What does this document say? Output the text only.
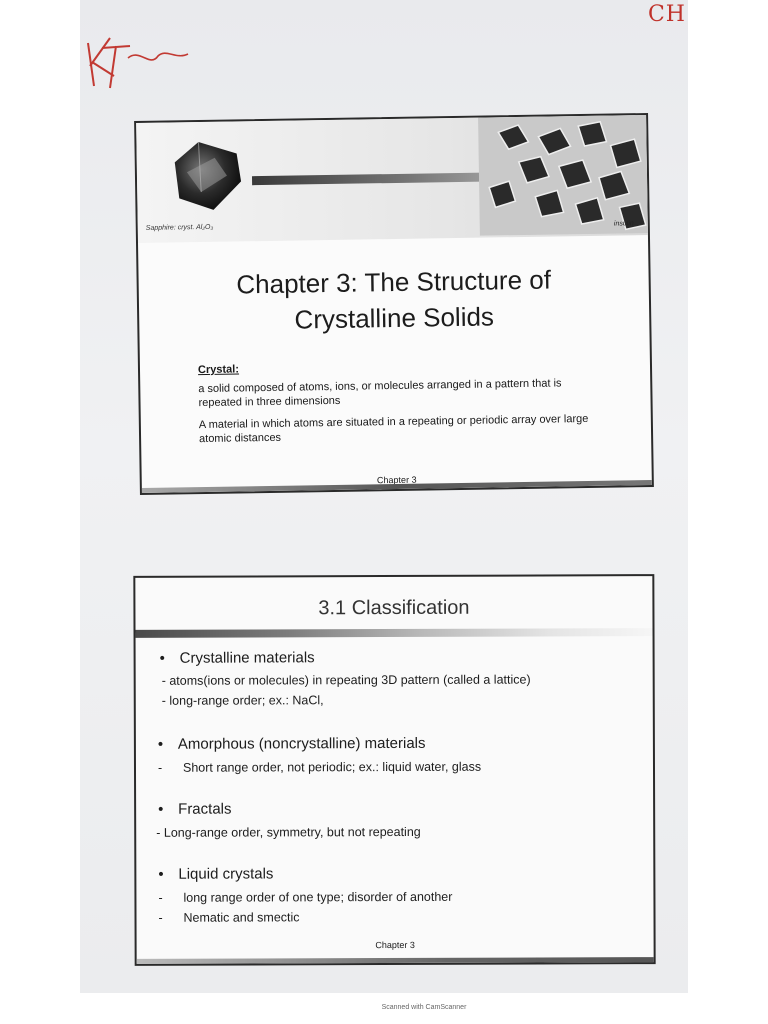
CH
Sapphire: cryst. Al₂O₃	insulin
Chapter 3: The Structure of
Crystalline Solids
Crystal:
a solid composed of atoms, ions, or molecules arranged in a pattern that is repeated in three dimensions
A material in which atoms are situated in a repeating or periodic array over large atomic distances
Chapter 3
3.1 Classification
• Crystalline materials
- atoms(ions or molecules) in repeating 3D pattern (called a lattice)
- long-range order; ex.: NaCl,
• Amorphous (noncrystalline) materials
-      Short range order, not periodic; ex.: liquid water, glass
• Fractals
- Long-range order, symmetry, but not repeating
• Liquid crystals
-      long range order of one type; disorder of another
-      Nematic and smectic
Chapter 3
Scanned with CamScanner
